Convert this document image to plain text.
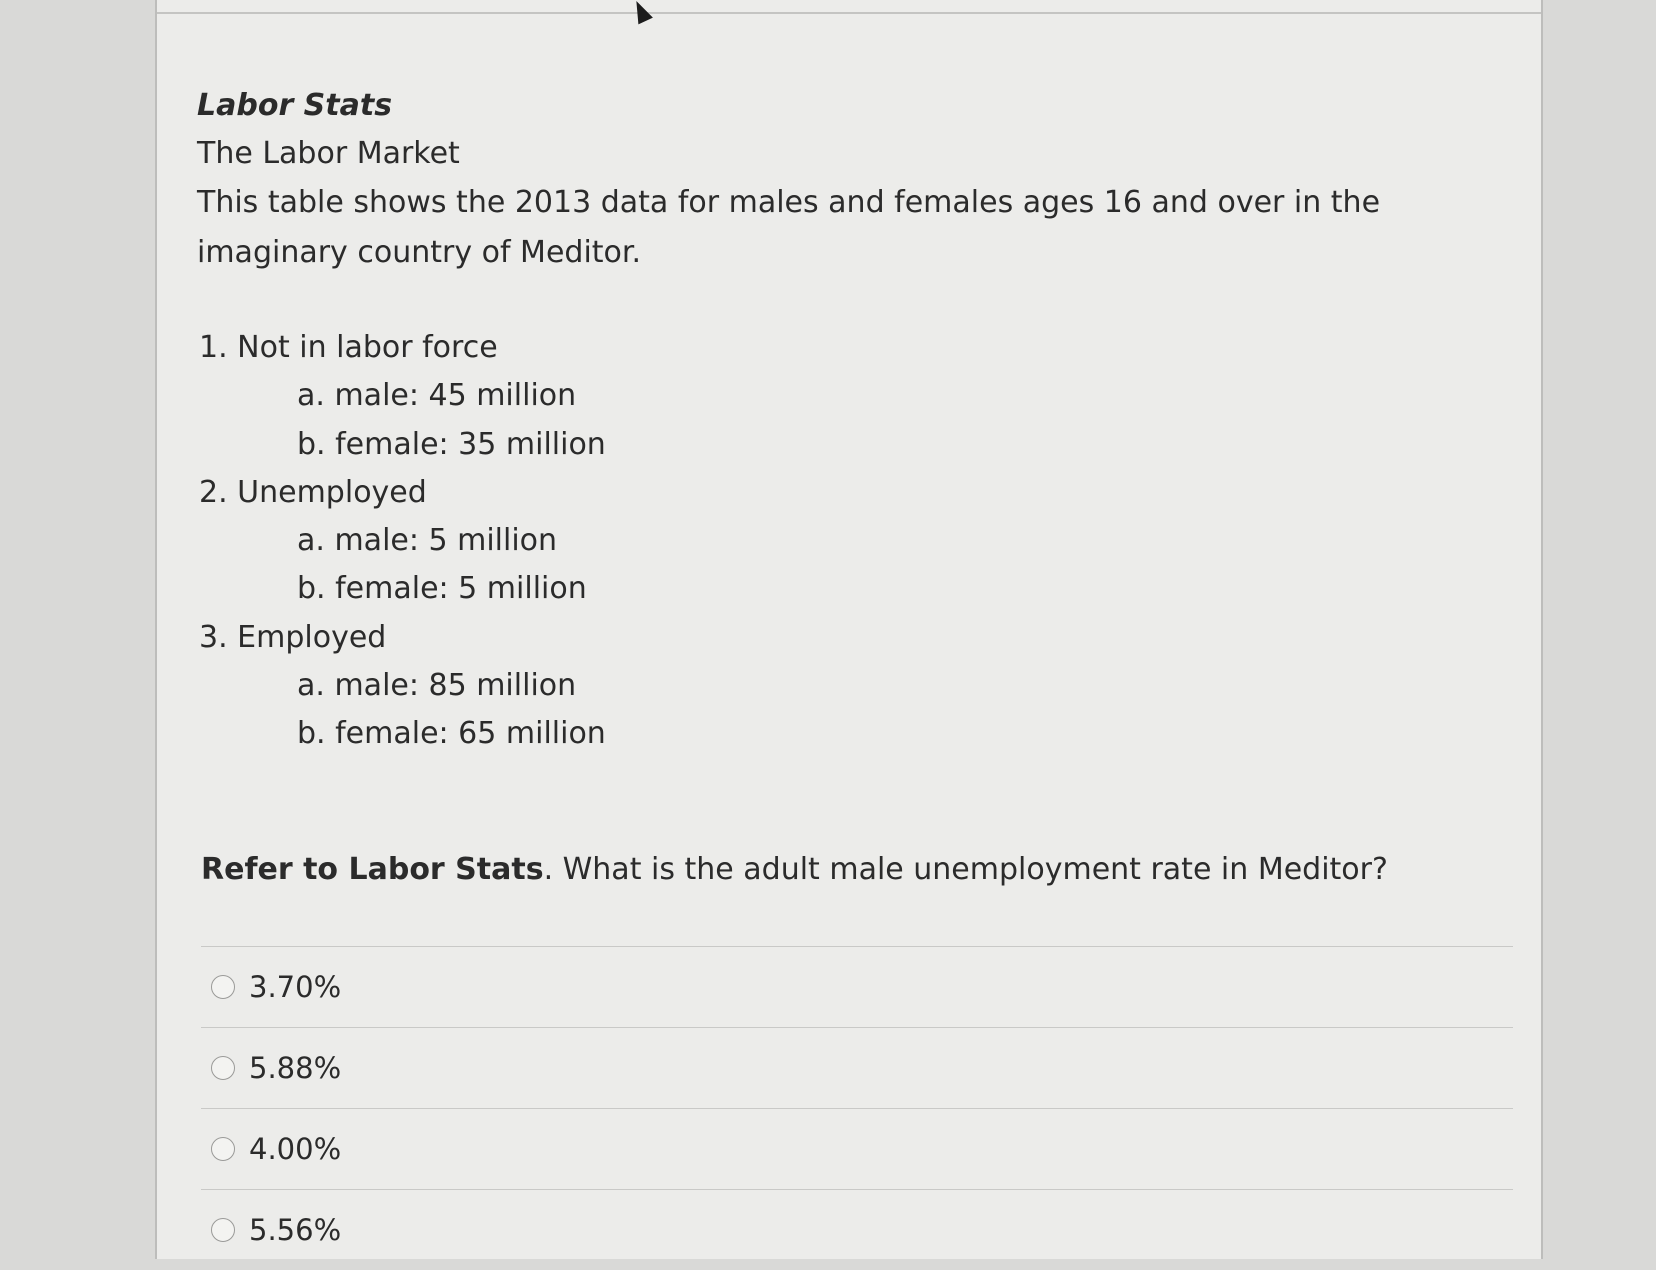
Labor Stats

The Labor Market

This table shows the 2013 data for males and females ages 16 and over in the imaginary country of Meditor.

1. Not in labor force
a. male: 45 million
b. female: 35 million
2. Unemployed
a. male: 5 million
b. female: 5 million
3. Employed
a. male: 85 million
b. female: 65 million
Refer to Labor Stats. What is the adult male unemployment rate in Meditor?
3.70%
5.88%
4.00%
5.56%
